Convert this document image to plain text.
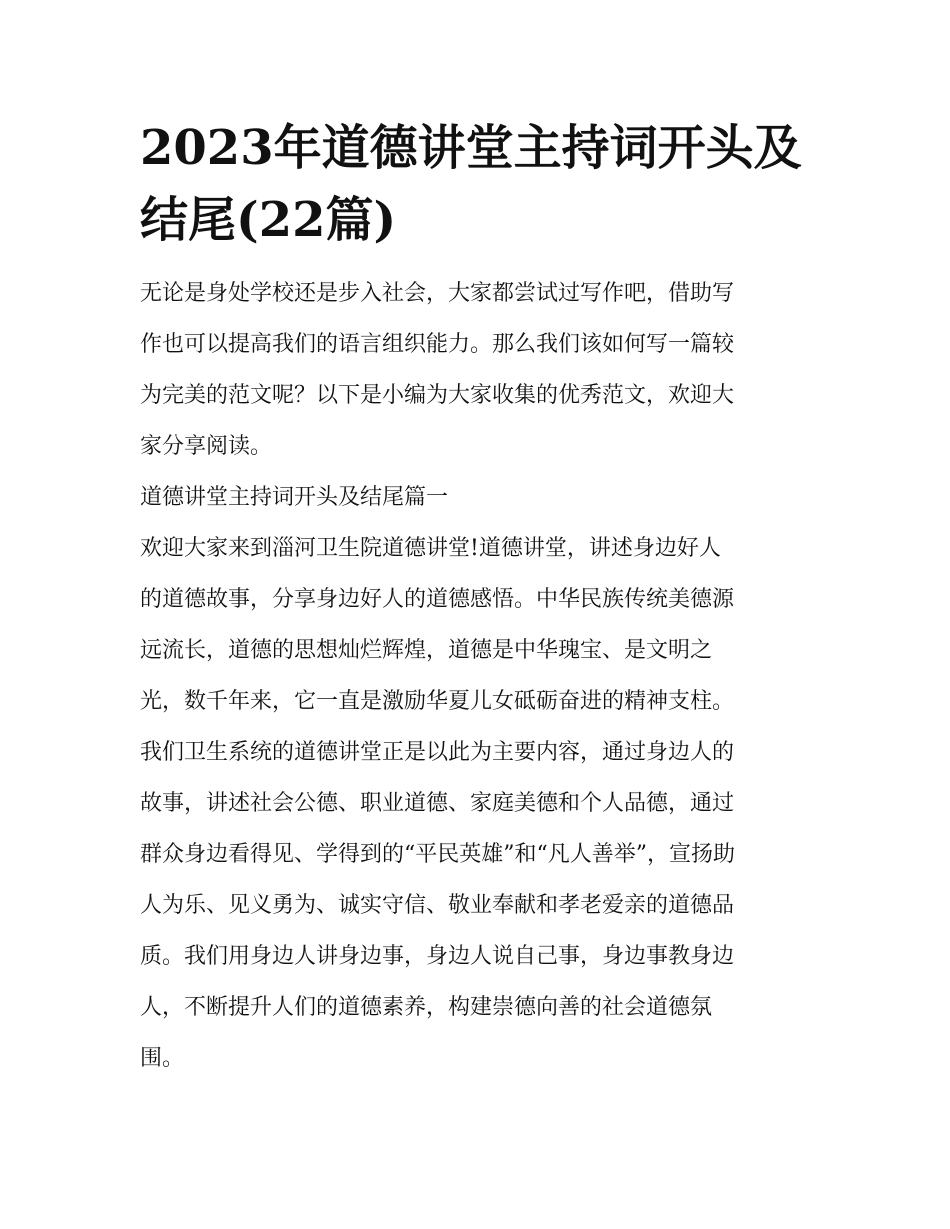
2023年道德讲堂主持词开头及
结尾(22篇)

无论是身处学校还是步入社会，大家都尝试过写作吧，借助写
作也可以提高我们的语言组织能力。那么我们该如何写一篇较
为完美的范文呢？以下是小编为大家收集的优秀范文，欢迎大
家分享阅读。

道德讲堂主持词开头及结尾篇一

欢迎大家来到淄河卫生院道德讲堂!道德讲堂，讲述身边好人
的道德故事，分享身边好人的道德感悟。中华民族传统美德源
远流长，道德的思想灿烂辉煌，道德是中华瑰宝、是文明之
光，数千年来，它一直是激励华夏儿女砥砺奋进的精神支柱。
我们卫生系统的道德讲堂正是以此为主要内容，通过身边人的
故事，讲述社会公德、职业道德、家庭美德和个人品德，通过
群众身边看得见、学得到的“平民英雄”和“凡人善举”，宣扬助
人为乐、见义勇为、诚实守信、敬业奉献和孝老爱亲的道德品
质。我们用身边人讲身边事，身边人说自己事，身边事教身边
人，不断提升人们的道德素养，构建崇德向善的社会道德氛
围。
